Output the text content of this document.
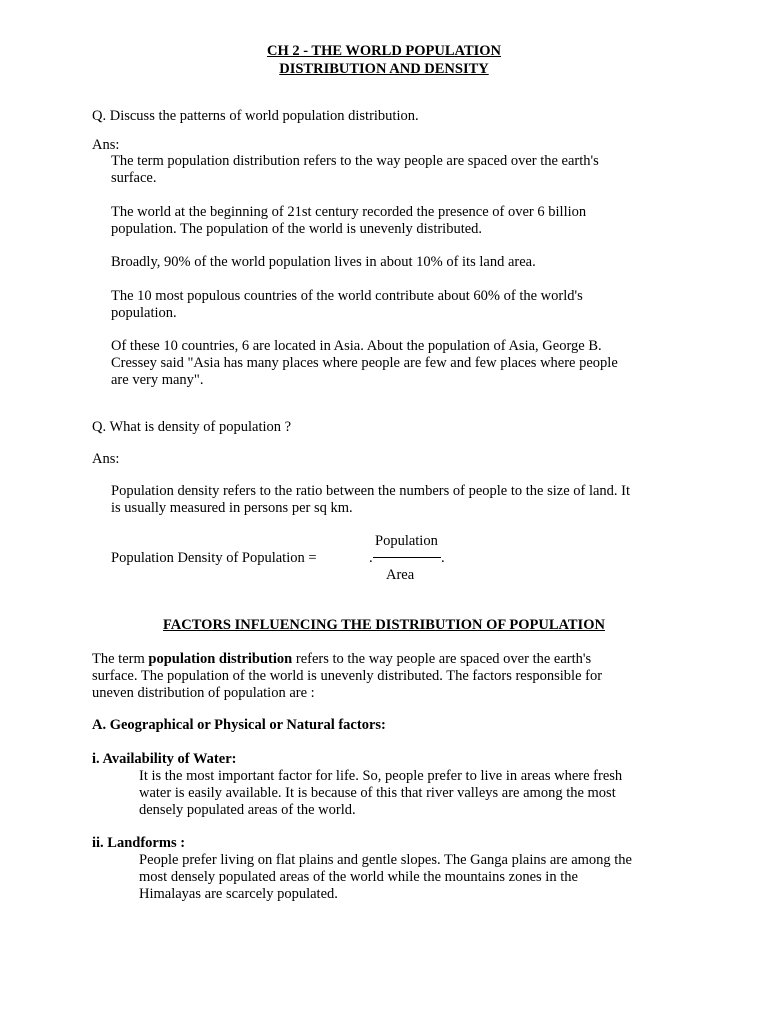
CH 2 - THE WORLD POPULATION
DISTRIBUTION AND DENSITY
Q. Discuss the patterns of world population distribution.
Ans:
The term population distribution refers to the way people are spaced over the earth's
surface.
The world at the beginning of 21st century recorded the presence of over 6 billion
population. The population of the world is unevenly distributed.
Broadly, 90% of the world population lives in about 10% of its land area.
The 10 most populous countries of the world contribute about 60% of the world's
population.
Of these 10 countries, 6 are located in Asia. About the population of Asia, George B.
Cressey said "Asia has many places where people are few and few places where people
are very many".
Q. What is density of population ?
Ans:
Population density refers to the ratio between the numbers of people to the size of land. It
is usually measured in persons per sq km.
Population
Population Density of Population =	.	.
Area
FACTORS INFLUENCING THE DISTRIBUTION OF POPULATION
The term population distribution refers to the way people are spaced over the earth's
surface. The population of the world is unevenly distributed. The factors responsible for
uneven distribution of population are :
A. Geographical or Physical or Natural factors:
i. Availability of Water:
It is the most important factor for life. So, people prefer to live in areas where fresh
water is easily available. It is because of this that river valleys are among the most
densely populated areas of the world.
ii. Landforms :
People prefer living on flat plains and gentle slopes. The Ganga plains are among the
most densely populated areas of the world while the mountains zones in the
Himalayas are scarcely populated.
